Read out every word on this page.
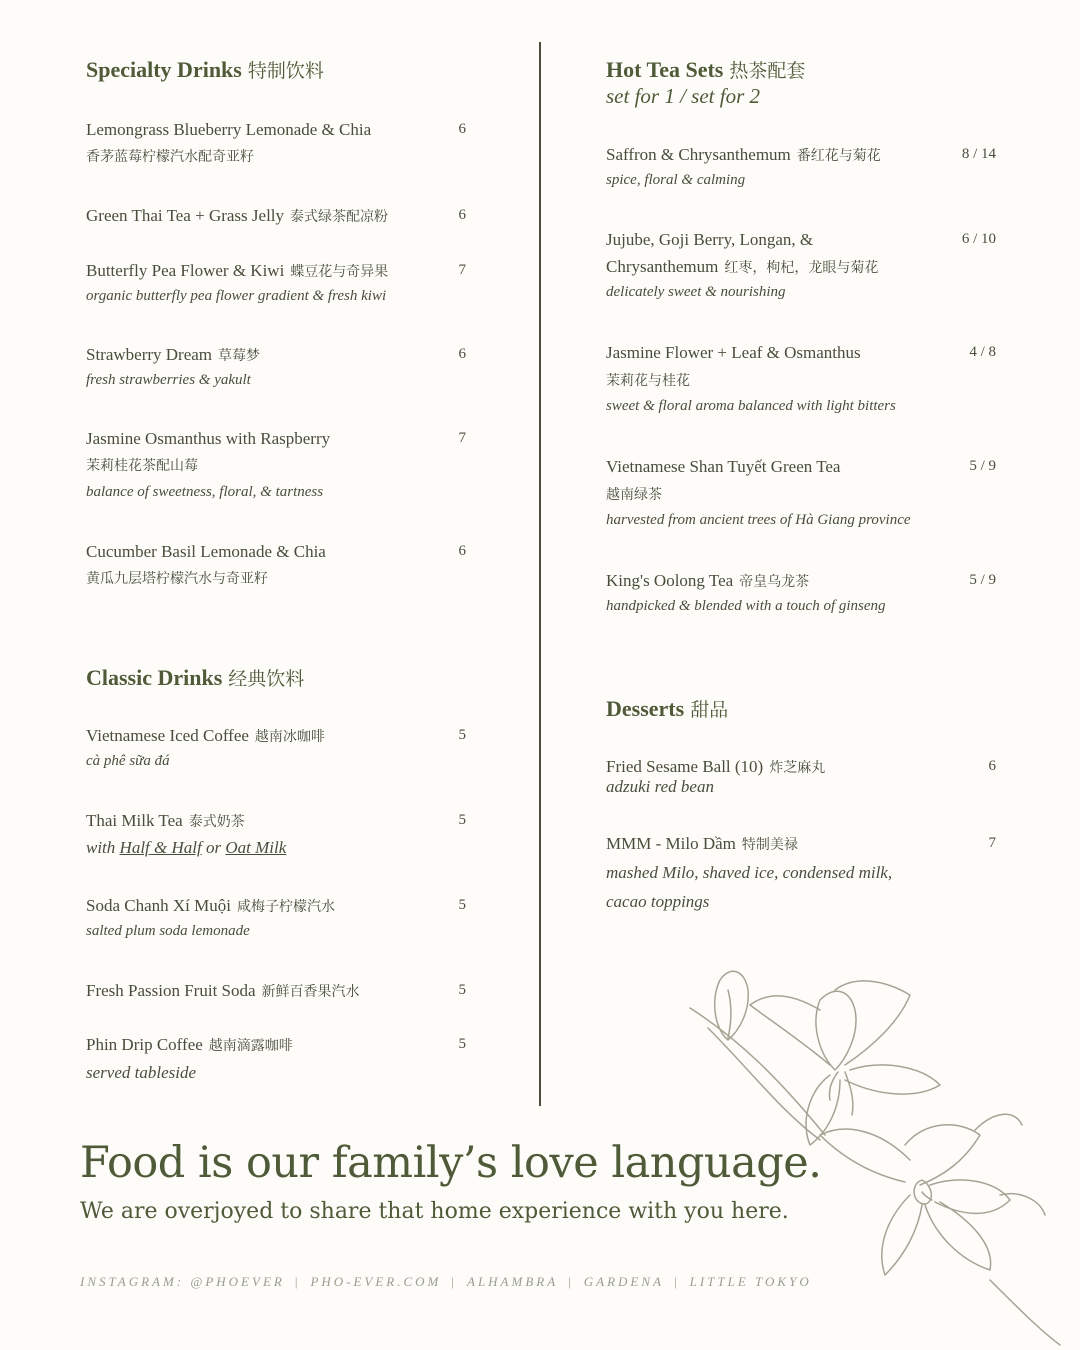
Specialty Drinks 特制饮料
Lemongrass Blueberry Lemonade & Chia
香茅蓝莓柠檬汽水配奇亚籽
6
Green Thai Tea + Grass Jelly 泰式绿茶配凉粉	6
Butterfly Pea Flower & Kiwi 蝶豆花与奇异果
organic butterfly pea flower gradient & fresh kiwi
7
Strawberry Dream 草莓梦
fresh strawberries & yakult
6
Jasmine Osmanthus with Raspberry
茉莉桂花茶配山莓
balance of sweetness, floral, & tartness
7
Cucumber Basil Lemonade & Chia
黄瓜九层塔柠檬汽水与奇亚籽
6
Classic Drinks 经典饮料
Vietnamese Iced Coffee 越南冰咖啡
cà phê sữa đá
5
Thai Milk Tea 泰式奶茶
with Half & Half or Oat Milk
5
Soda Chanh Xí Muội 咸梅子柠檬汽水
salted plum soda lemonade
5
Fresh Passion Fruit Soda 新鲜百香果汽水	5
Phin Drip Coffee 越南滴露咖啡
served tableside
5
Hot Tea Sets 热茶配套
set for 1 / set for 2
Saffron & Chrysanthemum 番红花与菊花
spice, floral & calming
8 / 14
Jujube, Goji Berry, Longan, &
Chrysanthemum 红枣，枸杞，龙眼与菊花
delicately sweet & nourishing
6 / 10
Jasmine Flower + Leaf & Osmanthus
茉莉花与桂花
sweet & floral aroma balanced with light bitters
4 / 8
Vietnamese Shan Tuyết Green Tea
越南绿茶
harvested from ancient trees of Hà Giang province
5 / 9
King's Oolong Tea 帝皇乌龙茶
handpicked & blended with a touch of ginseng
5 / 9
Desserts 甜品
Fried Sesame Ball (10) 炸芝麻丸
adzuki red bean
6
MMM - Milo Dầm 特制美禄
mashed Milo, shaved ice, condensed milk,
cacao toppings
7
Food is our family’s love language.
We are overjoyed to share that home experience with you here.
INSTAGRAM: @PHOEVER | PHO-EVER.COM | ALHAMBRA | GARDENA | LITTLE TOKYO
